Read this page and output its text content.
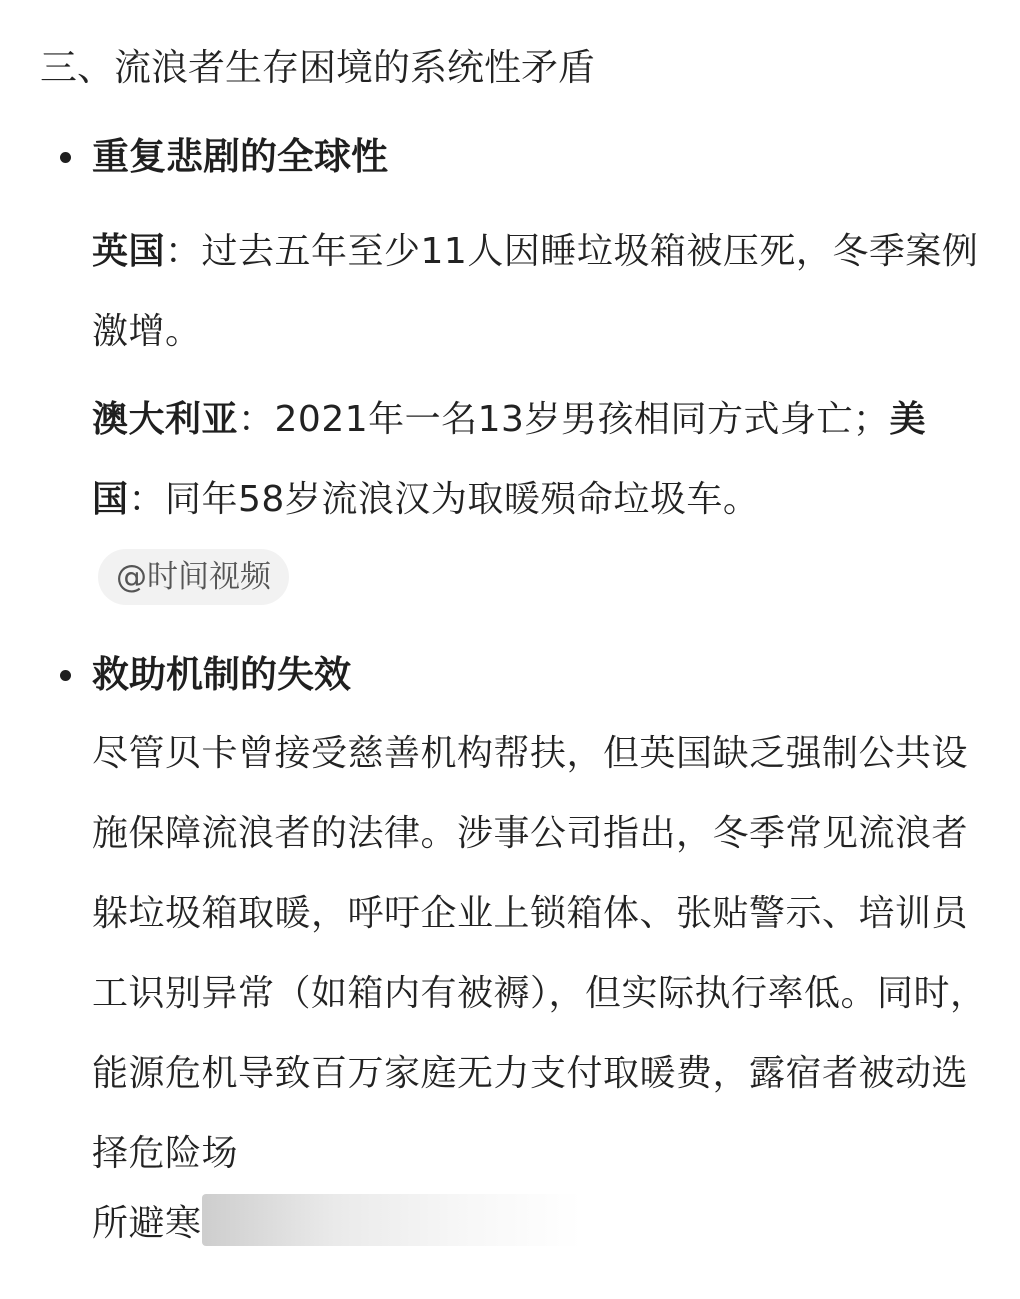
三、流浪者生存困境的系统性矛盾
重复悲剧的全球性
英国：过去五年至少11人因睡垃圾箱被压死，冬季案例激增。
澳大利亚：2021年一名13岁男孩相同方式身亡；美国：同年58岁流浪汉为取暖殒命垃圾车。
@时间视频
救助机制的失效
尽管贝卡曾接受慈善机构帮扶，但英国缺乏强制公共设施保障流浪者的法律。涉事公司指出，冬季常见流浪者躲垃圾箱取暖，呼吁企业上锁箱体、张贴警示、培训员工识别异常（如箱内有被褥），但实际执行率低。同时，能源危机导致百万家庭无力支付取暖费，露宿者被动选择危险场
所避寒
